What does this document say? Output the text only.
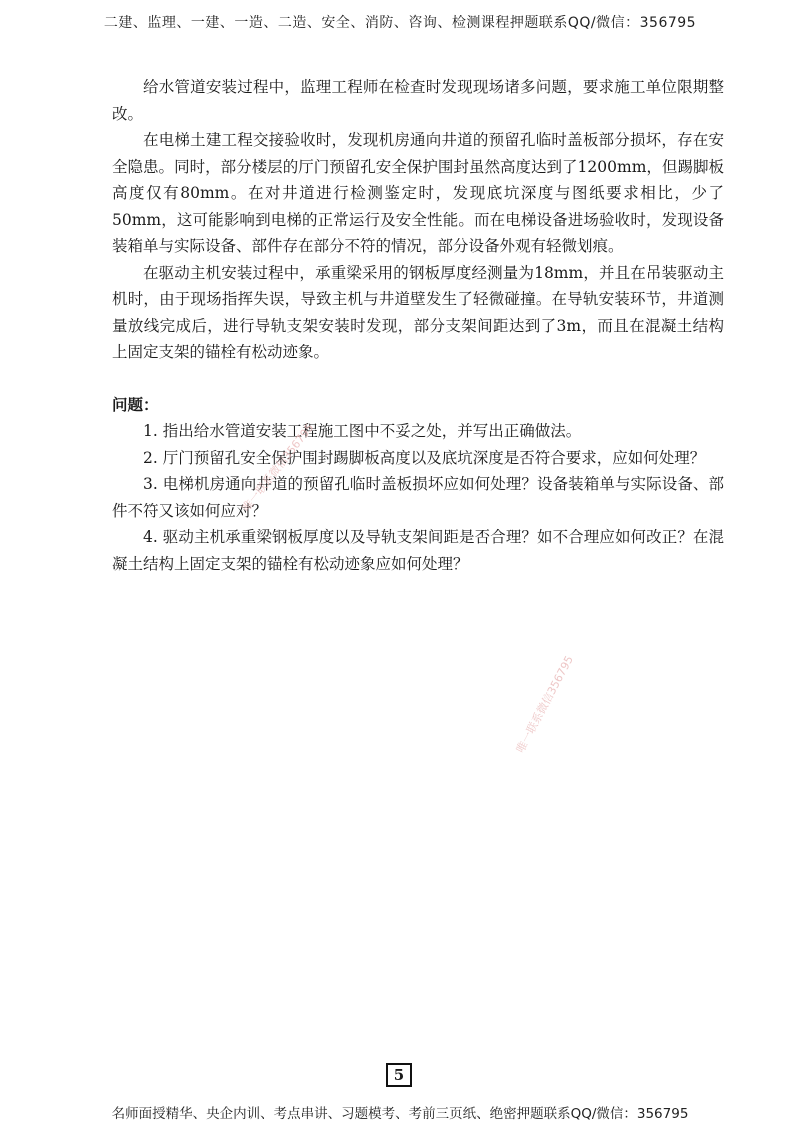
二建、监理、一建、一造、二造、安全、消防、咨询、检测课程押题联系QQ/微信：356795

给水管道安装过程中，监理工程师在检查时发现现场诸多问题，要求施工单位限期整改。

在电梯土建工程交接验收时，发现机房通向井道的预留孔临时盖板部分损坏，存在安全隐患。同时，部分楼层的厅门预留孔安全保护围封虽然高度达到了1200mm，但踢脚板高度仅有80mm。在对井道进行检测鉴定时，发现底坑深度与图纸要求相比，少了50mm，这可能影响到电梯的正常运行及安全性能。而在电梯设备进场验收时，发现设备装箱单与实际设备、部件存在部分不符的情况，部分设备外观有轻微划痕。

在驱动主机安装过程中，承重梁采用的钢板厚度经测量为18mm，并且在吊装驱动主机时，由于现场指挥失误，导致主机与井道壁发生了轻微碰撞。在导轨安装环节，井道测量放线完成后，进行导轨支架安装时发现，部分支架间距达到了3m，而且在混凝土结构上固定支架的锚栓有松动迹象。

问题：

1. 指出给水管道安装工程施工图中不妥之处，并写出正确做法。

2. 厅门预留孔安全保护围封踢脚板高度以及底坑深度是否符合要求，应如何处理？

3. 电梯机房通向井道的预留孔临时盖板损坏应如何处理？设备装箱单与实际设备、部件不符又该如何应对？

4. 驱动主机承重梁钢板厚度以及导轨支架间距是否合理？如不合理应如何改正？在混凝土结构上固定支架的锚栓有松动迹象应如何处理？

唯一联系微信356795
唯一联系微信356795
5
名师面授精华、央企内训、考点串讲、习题模考、考前三页纸、绝密押题联系QQ/微信：356795
